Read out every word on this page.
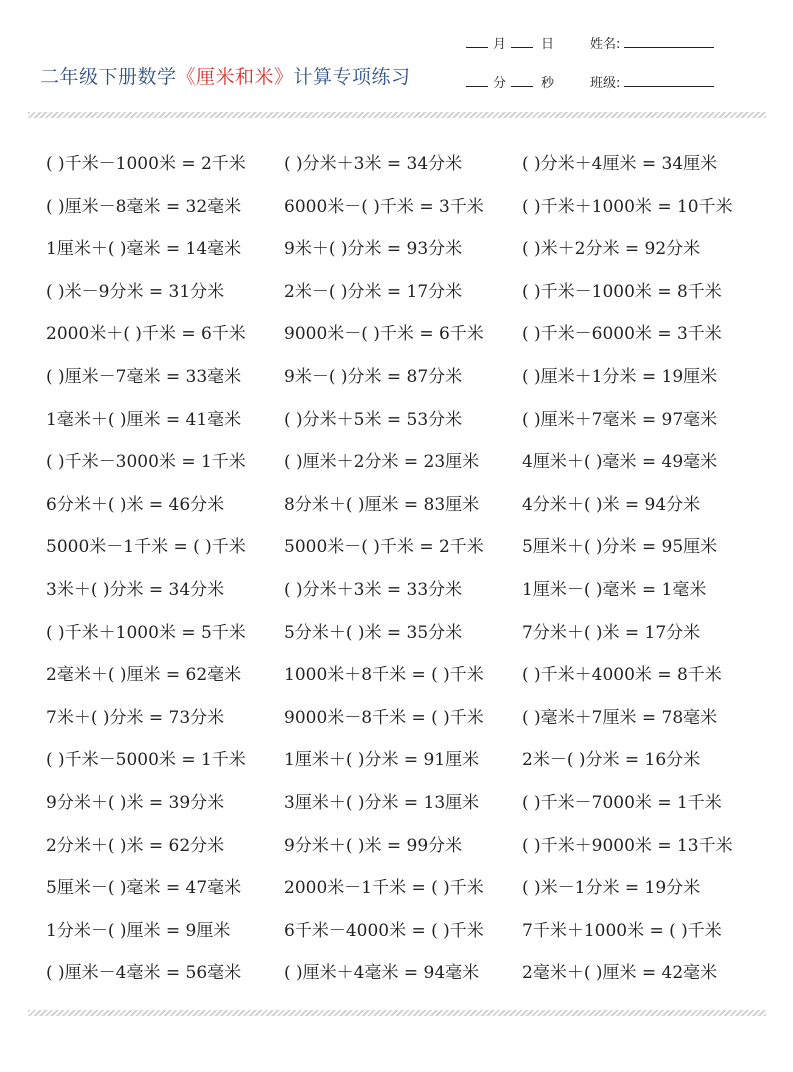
二年级下册数学《厘米和米》计算专项练习
月	日	姓名:
分	秒	班级:
( )千米－1000米 = 2千米 ( )分米＋3米 = 34分米	( )分米＋4厘米 = 34厘米
( )厘米－8毫米 = 32毫米	6000米－( )千米 = 3千米 ( )千米＋1000米 = 10千米
1厘米＋( )毫米 = 14毫米	9米＋( )分米 = 93分米	( )米＋2分米 = 92分米
( )米－9分米 = 31分米	2米－( )分米 = 17分米	( )千米－1000米 = 8千米
2000米＋( )千米 = 6千米 9000米－( )千米 = 6千米 ( )千米－6000米 = 3千米
( )厘米－7毫米 = 33毫米	9米－( )分米 = 87分米	( )厘米＋1分米 = 19厘米
1毫米＋( )厘米 = 41毫米	( )分米＋5米 = 53分米	( )厘米＋7毫米 = 97毫米
( )千米－3000米 = 1千米 ( )厘米＋2分米 = 23厘米	4厘米＋( )毫米 = 49毫米
6分米＋( )米 = 46分米	8分米＋( )厘米 = 83厘米	4分米＋( )米 = 94分米
5000米－1千米 = ( )千米 5000米－( )千米 = 2千米 5厘米＋( )分米 = 95厘米
3米＋( )分米 = 34分米	( )分米＋3米 = 33分米	1厘米－( )毫米 = 1毫米
( )千米＋1000米 = 5千米 5分米＋( )米 = 35分米	7分米＋( )米 = 17分米
2毫米＋( )厘米 = 62毫米	1000米＋8千米 = ( )千米 ( )千米＋4000米 = 8千米
7米＋( )分米 = 73分米	9000米－8千米 = ( )千米 ( )毫米＋7厘米 = 78毫米
( )千米－5000米 = 1千米 1厘米＋( )分米 = 91厘米	2米－( )分米 = 16分米
9分米＋( )米 = 39分米	3厘米＋( )分米 = 13厘米	( )千米－7000米 = 1千米
2分米＋( )米 = 62分米	9分米＋( )米 = 99分米	( )千米＋9000米 = 13千米
5厘米－( )毫米 = 47毫米	2000米－1千米 = ( )千米 ( )米－1分米 = 19分米
1分米－( )厘米 = 9厘米	6千米－4000米 = ( )千米 7千米＋1000米 = ( )千米
( )厘米－4毫米 = 56毫米	( )厘米＋4毫米 = 94毫米	2毫米＋( )厘米 = 42毫米
